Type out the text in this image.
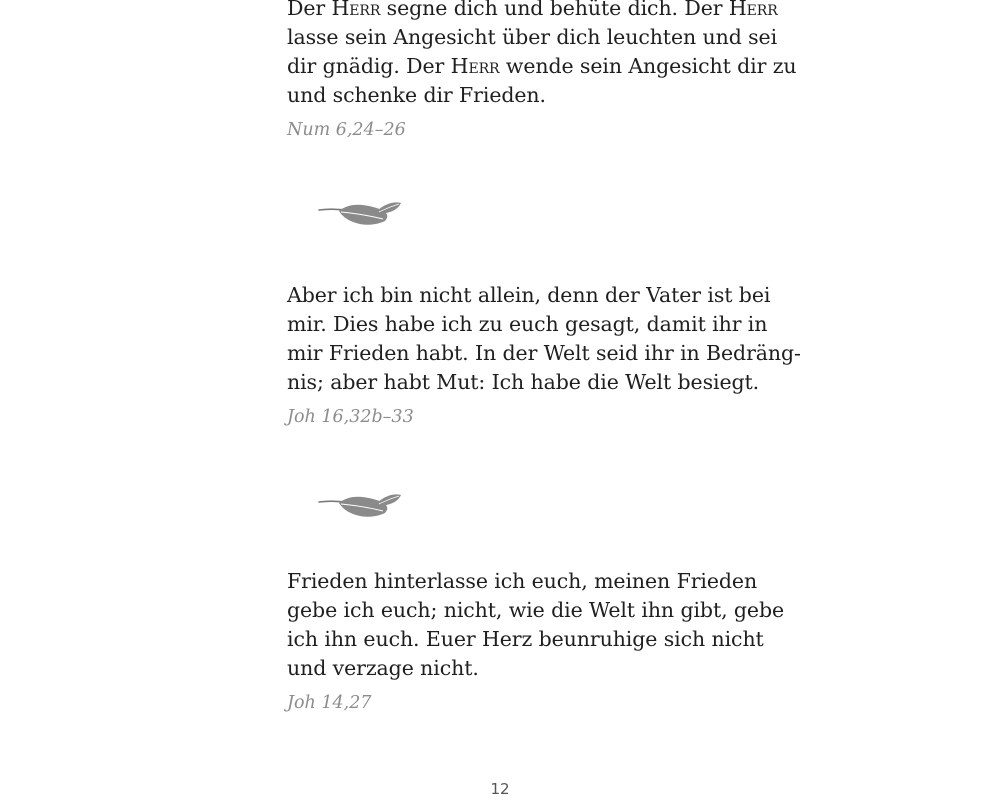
Der Herr segne dich und behüte dich. Der Herr
lasse sein Angesicht über dich leuchten und sei
dir gnädig. Der Herr wende sein Angesicht dir zu
und schenke dir Frieden.

Num 6,24–26

Aber ich bin nicht allein, denn der Vater ist bei
mir. Dies habe ich zu euch gesagt, damit ihr in
mir Frieden habt. In der Welt seid ihr in Bedräng-
nis; aber habt Mut: Ich habe die Welt besiegt.

Joh 16,32b–33

Frieden hinterlasse ich euch, meinen Frieden
gebe ich euch; nicht, wie die Welt ihn gibt, gebe
ich ihn euch. Euer Herz beunruhige sich nicht
und verzage nicht.

Joh 14,27

12
